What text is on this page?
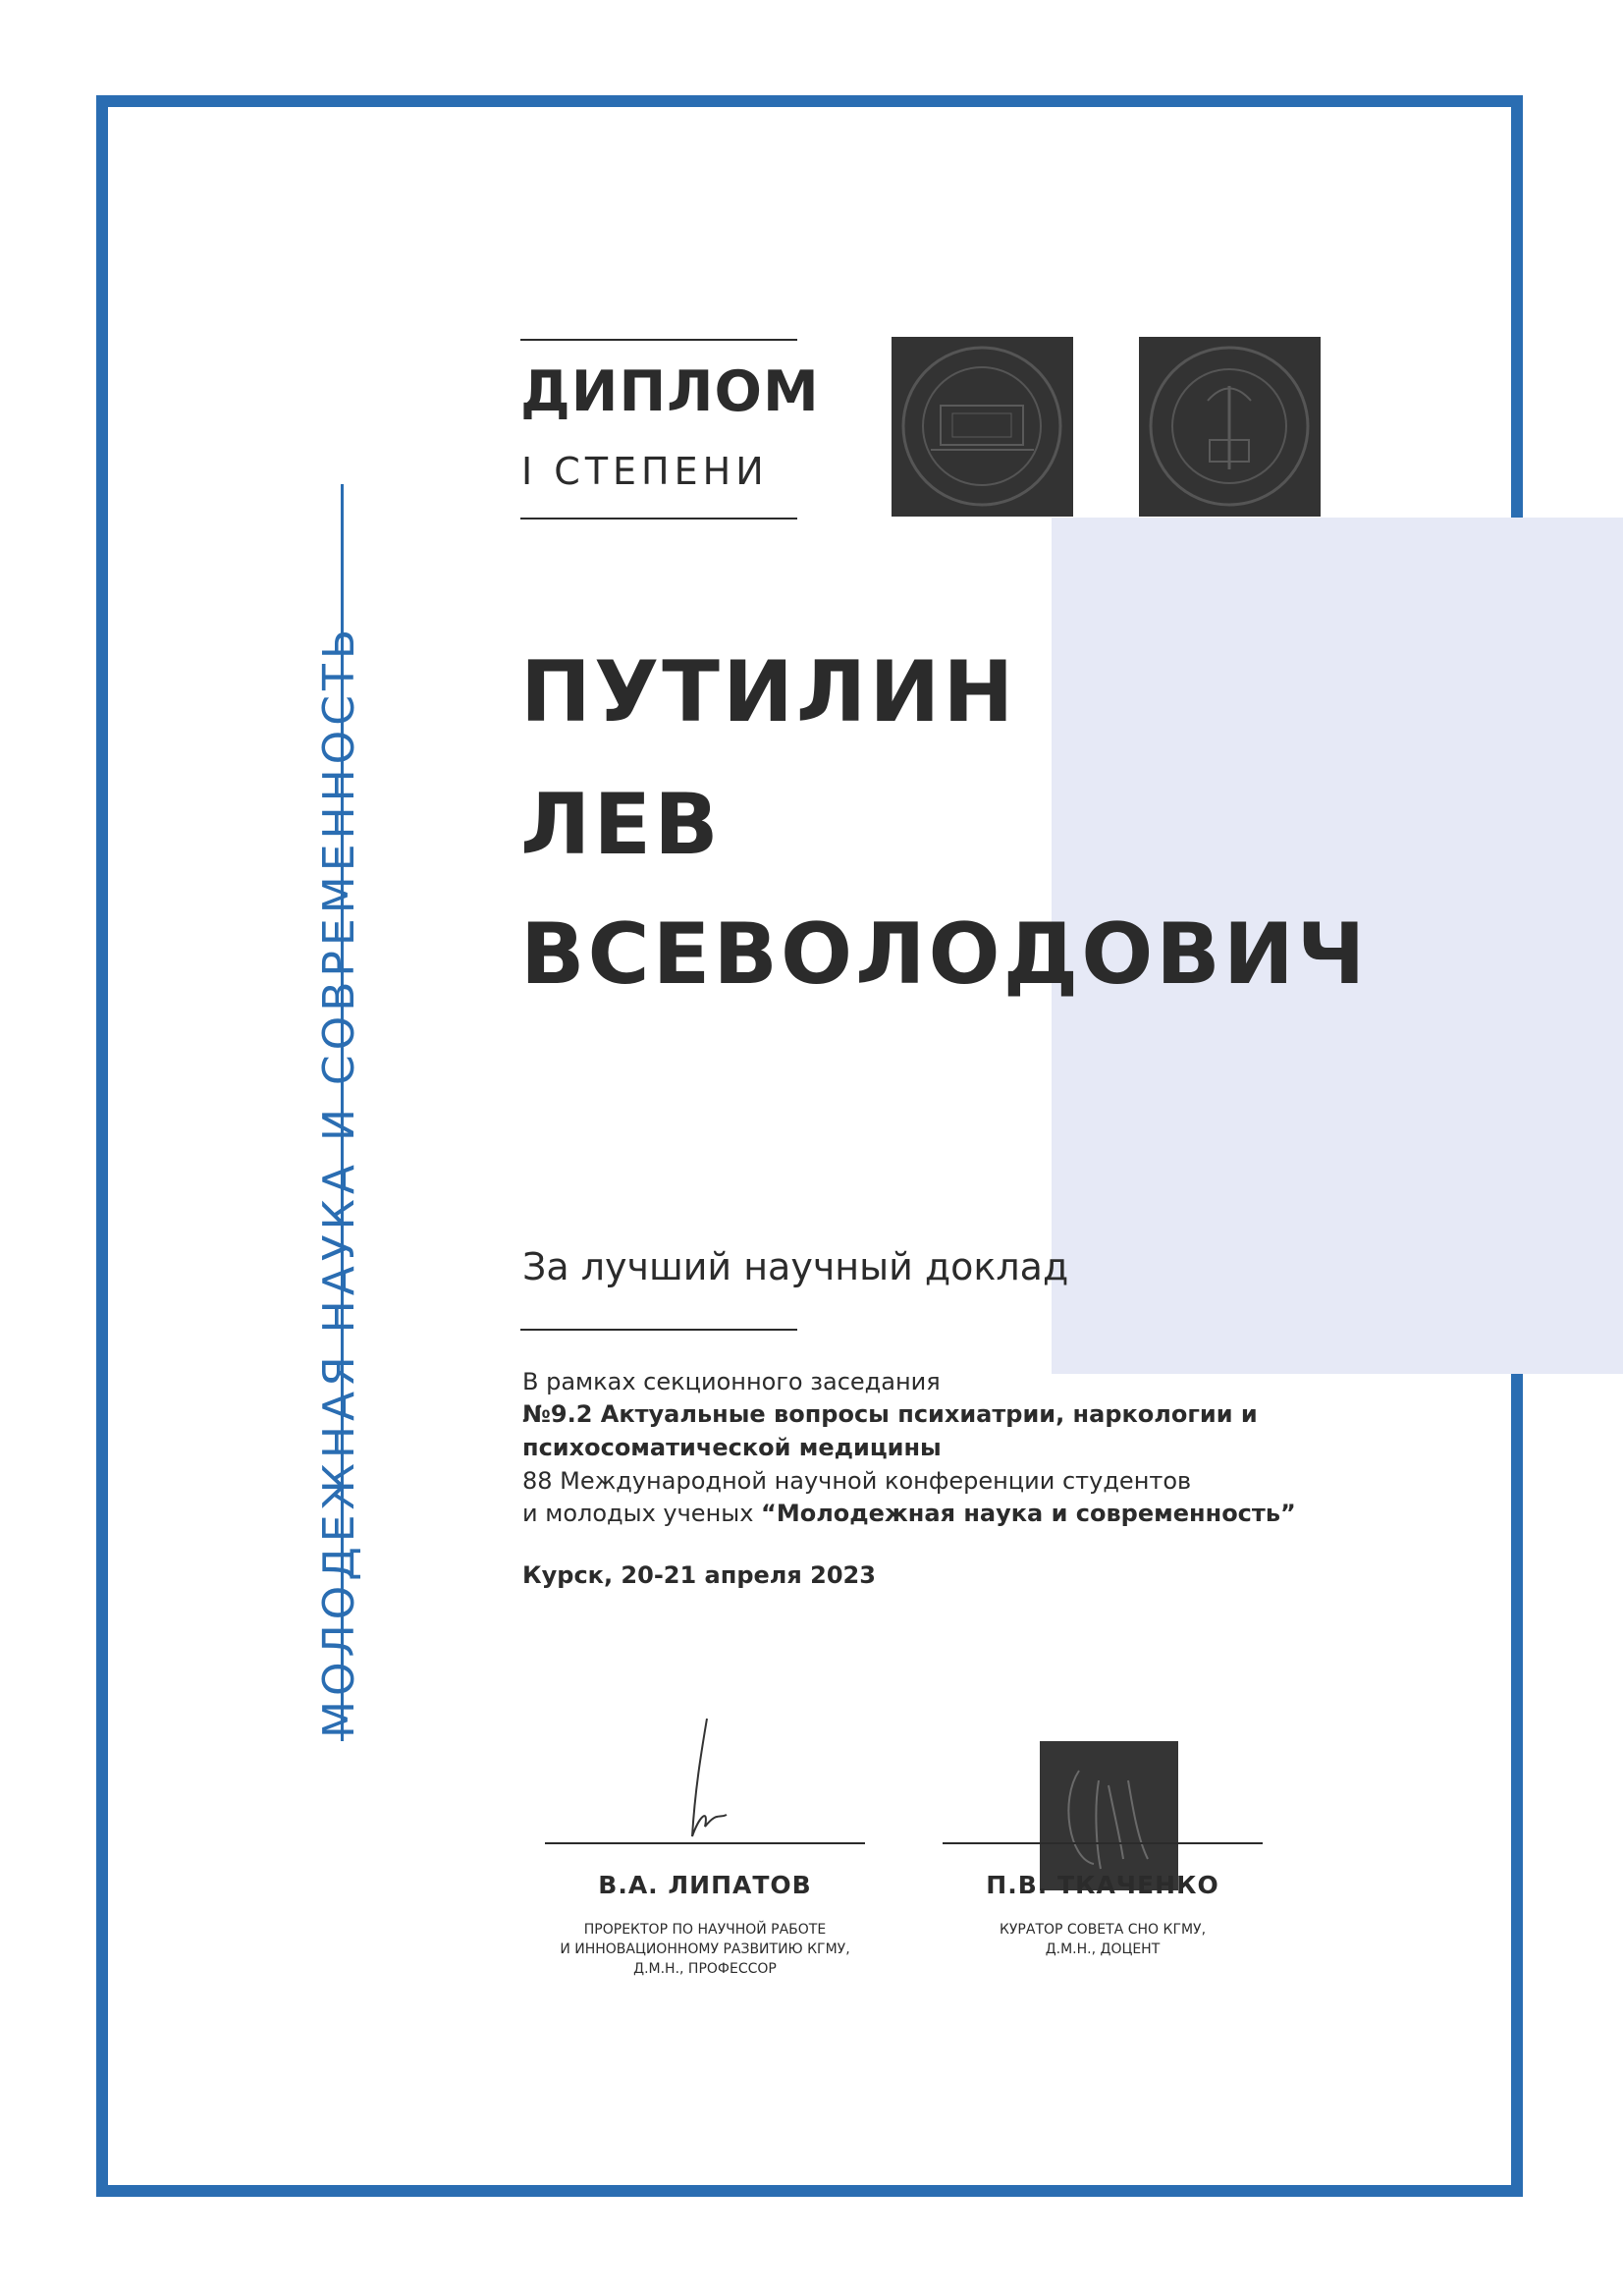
МОЛОДЕЖНАЯ НАУКА И СОВРЕМЕННОСТЬ
ДИПЛОМ
I СТЕПЕНИ
ПУТИЛИН
ЛЕВ
ВСЕВОЛОДОВИЧ
За лучший научный доклад
В рамках секционного заседания
№9.2 Актуальные вопросы психиатрии, наркологии и
психосоматической медицины
88 Международной научной конференции студентов
и молодых ученых “Молодежная наука и современность”
Курск, 20-21 апреля 2023
В.А. ЛИПАТОВ
ПРОРЕКТОР ПО НАУЧНОЙ РАБОТЕ
И ИННОВАЦИОННОМУ РАЗВИТИЮ КГМУ,
Д.М.Н., ПРОФЕССОР
П.В. ТКАЧЕНКО
КУРАТОР СОВЕТА СНО КГМУ,
Д.М.Н., ДОЦЕНТ
